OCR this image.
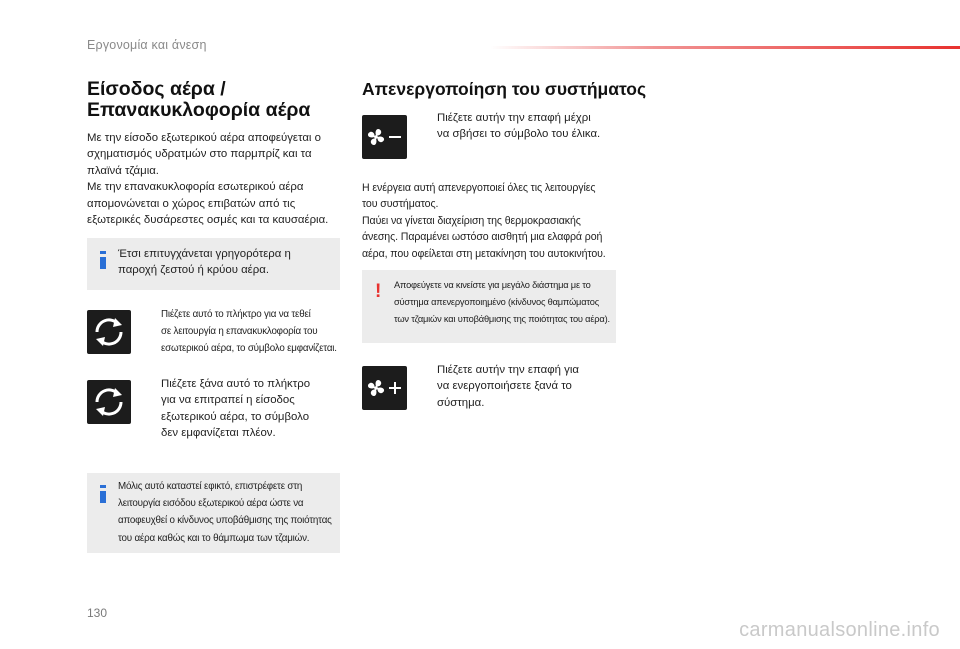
Εργονομία και άνεση
Είσοδος αέρα /
Επανακυκλοφορία αέρα
Με την είσοδο εξωτερικού αέρα αποφεύγεται ο
σχηματισμός υδρατμών στο παρμπρίζ και τα
πλαϊνά τζάμια.
Με την επανακυκλοφορία εσωτερικού αέρα
απομονώνεται ο χώρος επιβατών από τις
εξωτερικές δυσάρεστες οσμές και τα καυσαέρια.
Έτσι επιτυγχάνεται γρηγορότερα η
παροχή ζεστού ή κρύου αέρα.
Πιέζετε αυτό το πλήκτρο για να τεθεί
σε λειτουργία η επανακυκλοφορία του
εσωτερικού αέρα, το σύμβολο εμφανίζεται.
Πιέζετε ξάνα αυτό το πλήκτρο
για να επιτραπεί η είσοδος
εξωτερικού αέρα, το σύμβολο
δεν εμφανίζεται πλέον.
Μόλις αυτό καταστεί εφικτό, επιστρέφετε στη
λειτουργία εισόδου εξωτερικού αέρα ώστε να
αποφευχθεί ο κίνδυνος υποβάθμισης της ποιότητας
του αέρα καθώς και το θάμπωμα των τζαμιών.
Απενεργοποίηση του συστήματος
Πιέζετε αυτήν την επαφή μέχρι
να σβήσει το σύμβολο του έλικα.
Η ενέργεια αυτή απενεργοποιεί όλες τις λειτουργίες
του συστήματος.
Παύει να γίνεται διαχείριση της θερμοκρασιακής
άνεσης. Παραμένει ωστόσο αισθητή μια ελαφρά ροή
αέρα, που οφείλεται στη μετακίνηση του αυτοκινήτου.
! Αποφεύγετε να κινείστε για μεγάλο διάστημα με το
σύστημα απενεργοποιημένο (κίνδυνος θαμπώματος
των τζαμιών και υποβάθμισης της ποιότητας του αέρα).
Πιέζετε αυτήν την επαφή για
να ενεργοποιήσετε ξανά το
σύστημα.
130
carmanualsonline.info
